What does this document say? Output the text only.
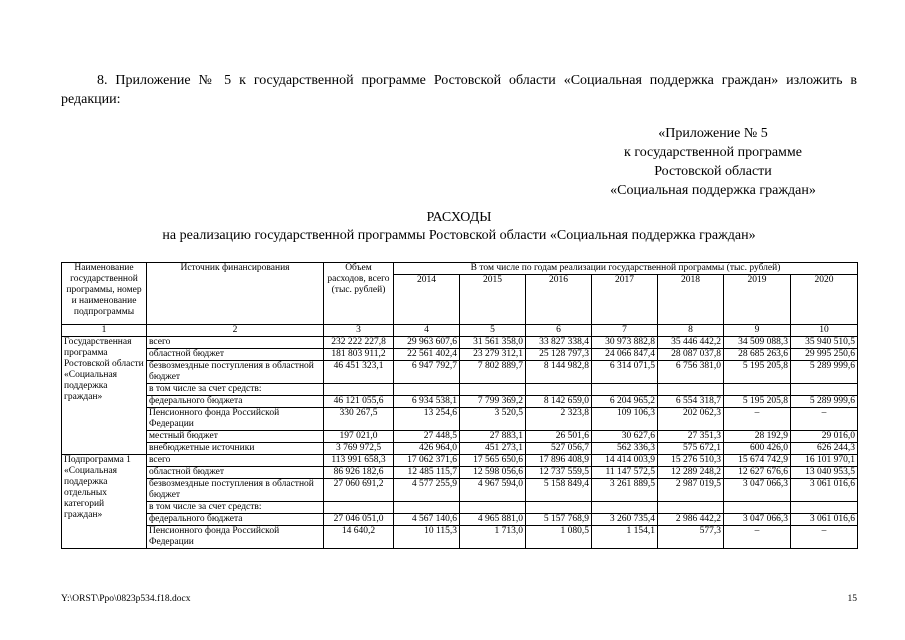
8. Приложение № 5 к государственной программе Ростовской области «Социальная поддержка граждан» изложить в редакции:
«Приложение № 5
к государственной программе
Ростовской области
«Социальная поддержка граждан»
РАСХОДЫ
на реализацию государственной программы Ростовской области «Социальная поддержка граждан»
Наименование государственной программы, номер и наименование подпрограммы	Источник финансирования	Объем расходов, всего (тыс. рублей)	В том числе по годам реализации государственной программы (тыс. рублей)						
			2014	2015	2016	2017	2018	2019	2020
1	2	3	4	5	6	7	8	9	10
Государственная программа Ростовской области «Социальная поддержка граждан»	всего	232 222 227,8	29 963 607,6	31 561 358,0	33 827 338,4	30 973 882,8	35 446 442,2	34 509 088,3	35 940 510,5
	областной бюджет	181 803 911,2	22 561 402,4	23 279 312,1	25 128 797,3	24 066 847,4	28 087 037,8	28 685 263,6	29 995 250,6
	безвозмездные поступления в областной бюджет	46 451 323,1	6 947 792,7	7 802 889,7	8 144 982,8	6 314 071,5	6 756 381,0	5 195 205,8	5 289 999,6
	в том числе за счет средств:								
	федерального бюджета	46 121 055,6	6 934 538,1	7 799 369,2	8 142 659,0	6 204 965,2	6 554 318,7	5 195 205,8	5 289 999,6
	Пенсионного фонда Российской Федерации	330 267,5	13 254,6	3 520,5	2 323,8	109 106,3	202 062,3	–	–
	местный бюджет	197 021,0	27 448,5	27 883,1	26 501,6	30 627,6	27 351,3	28 192,9	29 016,0
	внебюджетные источники	3 769 972,5	426 964,0	451 273,1	527 056,7	562 336,3	575 672,1	600 426,0	626 244,3
Подпрограмма 1 «Социальная поддержка отдельных категорий граждан»	всего	113 991 658,3	17 062 371,6	17 565 650,6	17 896 408,9	14 414 003,9	15 276 510,3	15 674 742,9	16 101 970,1
	областной бюджет	86 926 182,6	12 485 115,7	12 598 056,6	12 737 559,5	11 147 572,5	12 289 248,2	12 627 676,6	13 040 953,5
	безвозмездные поступления в областной бюджет	27 060 691,2	4 577 255,9	4 967 594,0	5 158 849,4	3 261 889,5	2 987 019,5	3 047 066,3	3 061 016,6
	в том числе за счет средств:								
	федерального бюджета	27 046 051,0	4 567 140,6	4 965 881,0	5 157 768,9	3 260 735,4	2 986 442,2	3 047 066,3	3 061 016,6
	Пенсионного фонда Российской Федерации	14 640,2	10 115,3	1 713,0	1 080,5	1 154,1	577,3	–	–
Y:\ORST\Ppo\0823p534.f18.docx	15
